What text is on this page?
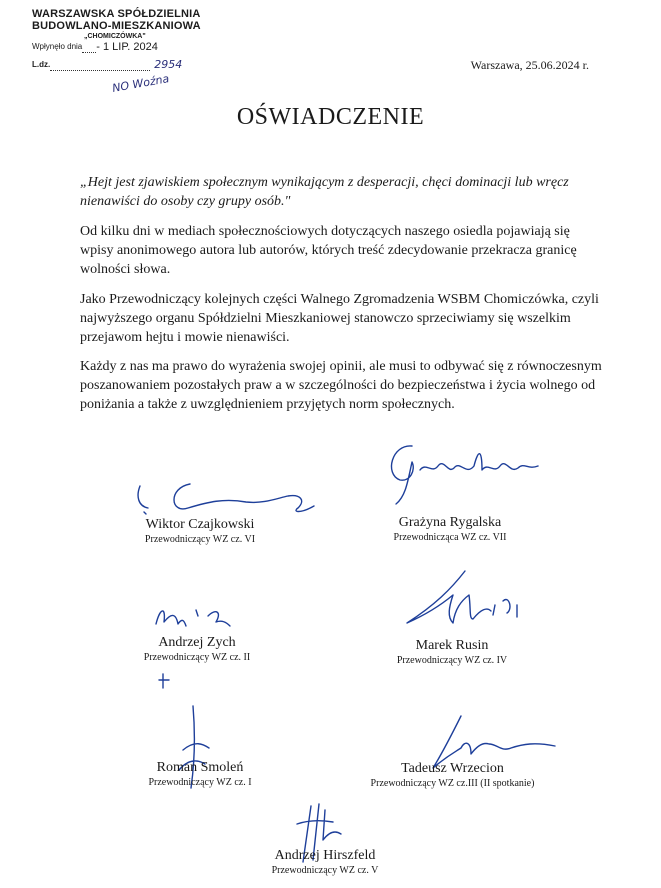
WARSZAWSKA SPÓŁDZIELNIA
BUDOWLANO-MIESZKANIOWA
„CHOMICZÓWKA"
Wpłynęło dnia - 1 LIP. 2024
L.dz.	2954
NO Woźna
Warszawa, 25.06.2024 r.
OŚWIADCZENIE
„Hejt jest zjawiskiem społecznym wynikającym z desperacji, chęci dominacji lub wręcz nienawiści do osoby czy grupy osób."
Od kilku dni w mediach społecznościowych dotyczących naszego osiedla pojawiają się wpisy anonimowego autora lub autorów, których treść zdecydowanie przekracza granicę wolności słowa.
Jako Przewodniczący kolejnych części Walnego Zgromadzenia WSBM Chomiczówka, czyli najwyższego organu Spółdzielni Mieszkaniowej stanowczo sprzeciwiamy się wszelkim przejawom hejtu i mowie nienawiści.
Każdy z nas ma prawo do wyrażenia swojej opinii, ale musi to odbywać się z równoczesnym poszanowaniem pozostałych praw a w szczególności do bezpieczeństwa i życia wolnego od poniżania a także z uwzględnieniem przyjętych norm społecznych.
Wiktor Czajkowski
Przewodniczący WZ cz. VI
Grażyna Rygalska
Przewodnicząca WZ cz. VII
Andrzej Zych
Przewodniczący WZ cz. II
Marek Rusin
Przewodniczący WZ cz. IV
Roman Smoleń
Przewodniczący WZ cz. I
Tadeusz Wrzecion
Przewodniczący WZ cz.III (II spotkanie)
Andrzej Hirszfeld
Przewodniczący WZ cz. V
